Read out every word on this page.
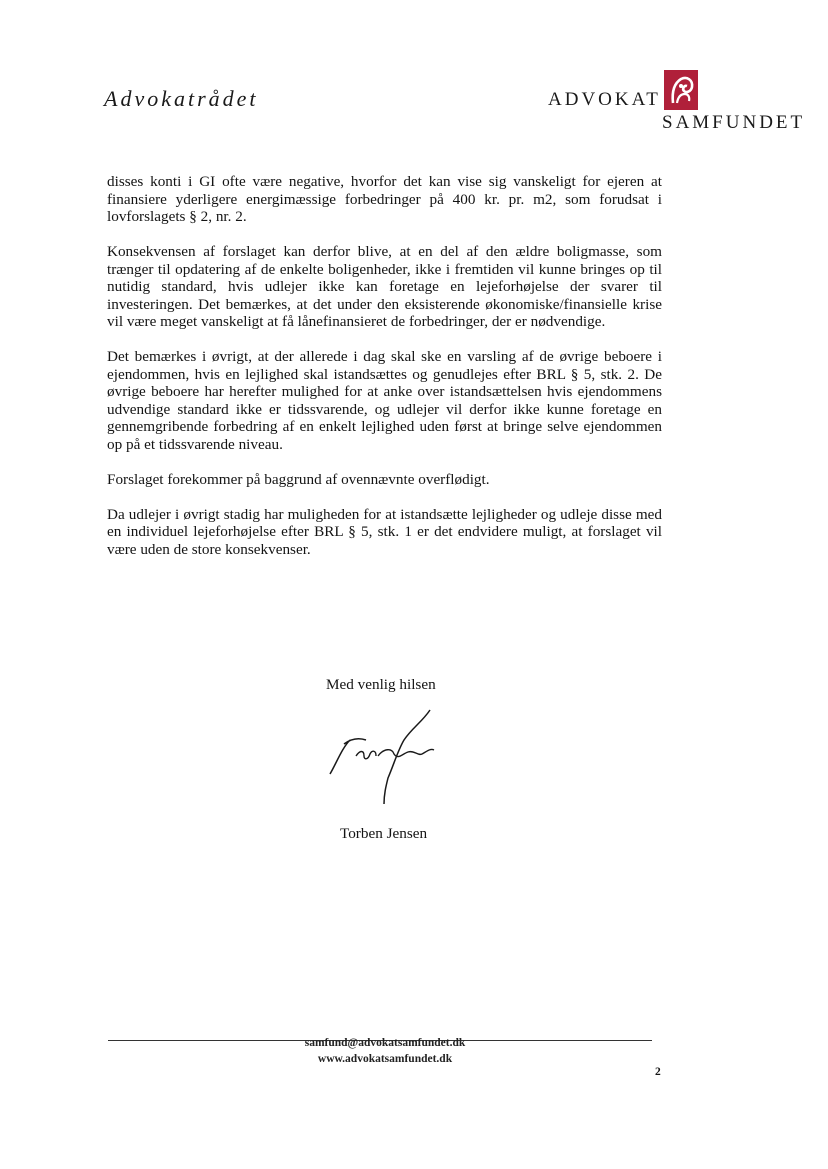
Advokatrådet	ADVOKAT
SAMFUNDET

disses konti i GI ofte være negative, hvorfor det kan vise sig vanskeligt for ejeren at finansiere yderligere energimæssige forbedringer på 400 kr. pr. m2, som forudsat i lovforslagets § 2, nr. 2.

Konsekvensen af forslaget kan derfor blive, at en del af den ældre boligmasse, som trænger til opdatering af de enkelte boligenheder, ikke i fremtiden vil kunne bringes op til nutidig standard, hvis udlejer ikke kan foretage en lejeforhøjelse der svarer til investeringen. Det bemærkes, at det under den eksisterende økonomiske/finansielle krise vil være meget vanskeligt at få lånefinansieret de forbedringer, der er nødvendige.

Det bemærkes i øvrigt, at der allerede i dag skal ske en varsling af de øvrige beboere i ejendommen, hvis en lejlighed skal istandsættes og genudlejes efter BRL § 5, stk. 2. De øvrige beboere har herefter mulighed for at anke over istandsættelsen hvis ejendommens udvendige standard ikke er tidssvarende, og udlejer vil derfor ikke kunne foretage en gennemgribende forbedring af en enkelt lejlighed uden først at bringe selve ejendommen op på et tidssvarende niveau.

Forslaget forekommer på baggrund af ovennævnte overflødigt.

Da udlejer i øvrigt stadig har muligheden for at istandsætte lejligheder og udleje disse med en individuel lejeforhøjelse efter BRL § 5, stk. 1 er det endvidere muligt, at forslaget vil være uden de store konsekvenser.

Med venlig hilsen
Torben Jensen
samfund@advokatsamfundet.dk
www.advokatsamfundet.dk
2
